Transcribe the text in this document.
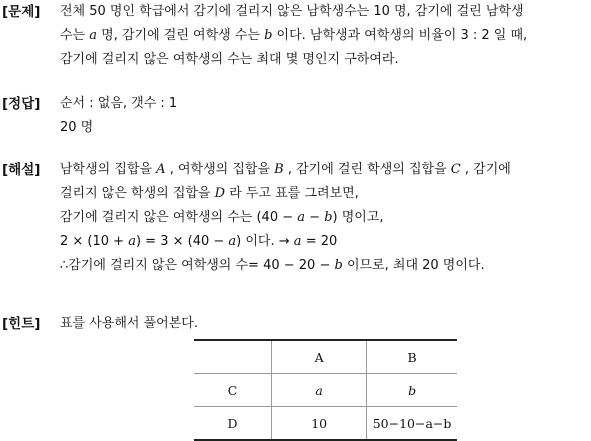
[문제] 전체 50 명인 학급에서 감기에 걸리지 않은 남학생수는 10 명, 감기에 걸린 남학생
수는 a 명, 감기에 걸린 여학생 수는 b 이다. 남학생과 여학생의 비율이 3 : 2 일 때,
감기에 걸리지 않은 여학생의 수는 최대 몇 명인지 구하여라.
[정답] 순서 : 없음, 갯수 : 1
20 명
[해설] 남학생의 집합을 A , 여학생의 집합을 B , 감기에 걸린 학생의 집합을 C , 감기에
걸리지 않은 학생의 집합을 D 라 두고 표를 그려보면,
감기에 걸리지 않은 여학생의 수는 (40 − a − b) 명이고,
2 × (10 + a) = 3 × (40 − a) 이다. → a = 20
∴감기에 걸리지 않은 여학생의 수= 40 − 20 − b 이므로, 최대 20 명이다.
[힌트] 표를 사용해서 풀어본다.
	A	B
C	a	b
D	10	50−10−a−b
